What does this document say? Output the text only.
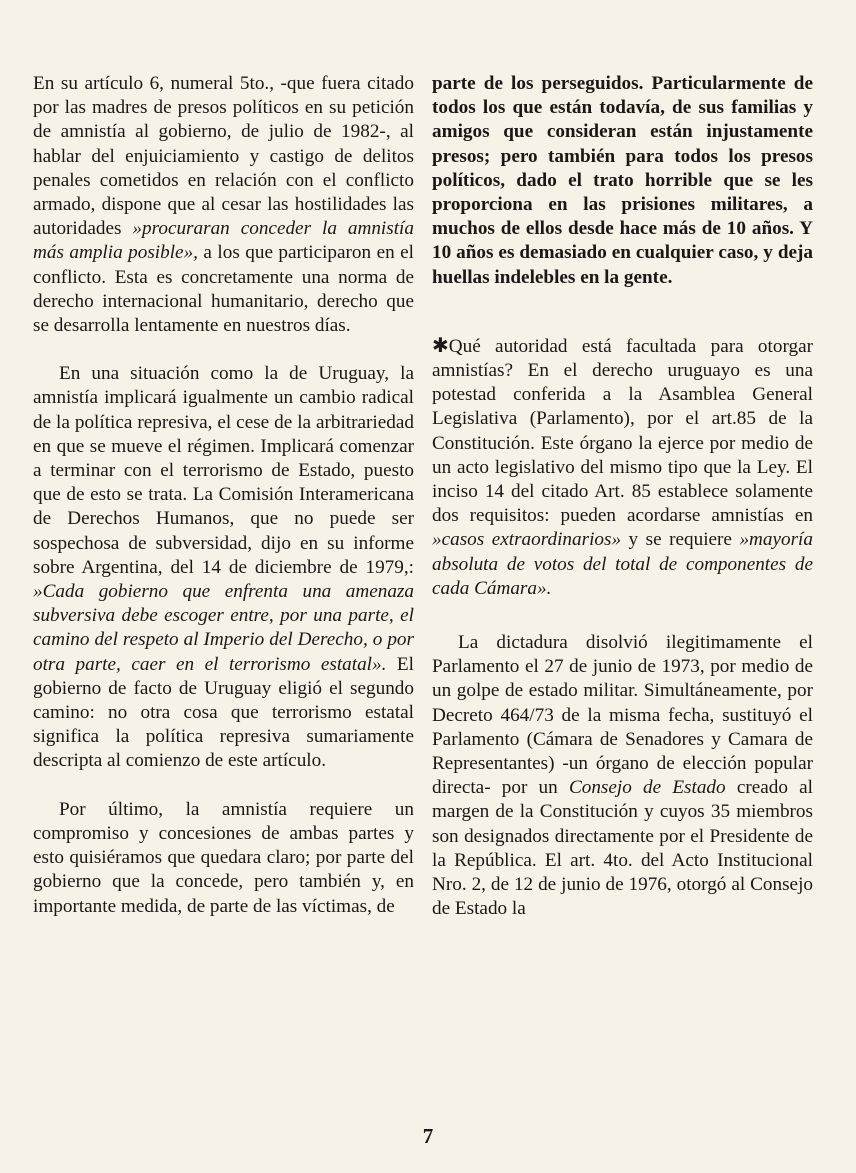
En su artículo 6, numeral 5to., -que fuera citado por las madres de presos políticos en su petición de amnistía al gobierno, de julio de 1982-, al hablar del enjuiciamiento y castigo de delitos penales cometidos en relación con el conflicto armado, dispone que al cesar las hostilidades las autoridades »procuraran conceder la amnistía más amplia posible», a los que participaron en el conflicto. Esta es concretamente una norma de derecho internacional humanitario, derecho que se desarrolla lentamente en nuestros días.

En una situación como la de Uruguay, la amnistía implicará igualmente un cambio radical de la política represiva, el cese de la arbitrariedad en que se mueve el régimen. Implicará comenzar a terminar con el terrorismo de Estado, puesto que de esto se trata. La Comisión Interamericana de Derechos Humanos, que no puede ser sospechosa de subversidad, dijo en su informe sobre Argentina, del 14 de diciembre de 1979,: »Cada gobierno que enfrenta una amenaza subversiva debe escoger entre, por una parte, el camino del respeto al Imperio del Derecho, o por otra parte, caer en el terrorismo estatal». El gobierno de facto de Uruguay eligió el segundo camino: no otra cosa que terrorismo estatal significa la política represiva sumariamente descripta al comienzo de este artículo.

Por último, la amnistía requiere un compromiso y concesiones de ambas partes y esto quisiéramos que quedara claro; por parte del gobierno que la concede, pero también y, en importante medida, de parte de las víctimas, de

parte de los perseguidos. Particularmente de todos los que están todavía, de sus familias y amigos que consideran están injustamente presos; pero también para todos los presos políticos, dado el trato horrible que se les proporciona en las prisiones militares, a muchos de ellos desde hace más de 10 años. Y 10 años es demasiado en cualquier caso, y deja huellas indelebles en la gente.

✱Qué autoridad está facultada para otorgar amnistías? En el derecho uruguayo es una potestad conferida a la Asamblea General Legislativa (Parlamento), por el art.85 de la Constitución. Este órgano la ejerce por medio de un acto legislativo del mismo tipo que la Ley. El inciso 14 del citado Art. 85 establece solamente dos requisitos: pueden acordarse amnistías en »casos extraordinarios» y se requiere »mayoría absoluta de votos del total de componentes de cada Cámara».

La dictadura disolvió ilegitimamente el Parlamento el 27 de junio de 1973, por medio de un golpe de estado militar. Simultáneamente, por Decreto 464/73 de la misma fecha, sustituyó el Parlamento (Cámara de Senadores y Camara de Representantes) -un órgano de elección popular directa- por un Consejo de Estado creado al margen de la Constitución y cuyos 35 miembros son designados directamente por el Presidente de la República. El art. 4to. del Acto Institucional Nro. 2, de 12 de junio de 1976, otorgó al Consejo de Estado la

7
